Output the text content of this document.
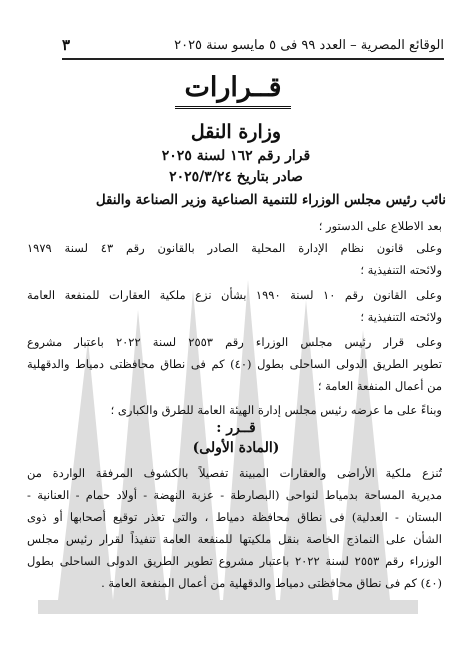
الوقائع المصرية – العدد ٩٩ فى ٥ مايسو سنة ٢٠٢٥
٣
قــرارات
وزارة النقل
قرار رقم ١٦٢ لسنة ٢٠٢٥
صادر بتاريخ ٢٠٢٥/٣/٢٤
نائب رئيس مجلس الوزراء للتنمية الصناعية وزير الصناعة والنقل
بعد الاطلاع على الدستور ؛
وعلى قانون نظام الإدارة المحلية الصادر بالقانون رقم ٤٣ لسنة ١٩٧٩
ولائحته التنفيذية ؛
وعلى القانون رقم ١٠ لسنة ١٩٩٠ بشأن نزع ملكية العقارات للمنفعة العامة
ولائحته التنفيذية ؛
وعلى قرار رئيس مجلس الوزراء رقم ٢٥٥٣ لسنة ٢٠٢٢ باعتبار مشروع
تطوير الطريق الدولى الساحلى بطول (٤٠) كم فى نطاق محافظتى دمياط والدقهلية
من أعمال المنفعة العامة ؛
وبناءً على ما عرضه رئيس مجلس إدارة الهيئة العامة للطرق والكبارى ؛
قــرر :
(المادة الأولى)
تُنزع ملكية الأراضى والعقارات المبينة تفصيلاً بالكشوف المرفقة الواردة من
مديرية المساحة بدمياط لنواحى (البصارطة - عزبة النهضة - أولاد حمام - العنانية -
البستان - العدلية) فى نطاق محافظة دمياط ، والتى تعذر توقيع أصحابها أو ذوى
الشأن على النماذج الخاصة بنقل ملكيتها للمنفعة العامة تنفيذاً لقرار رئيس مجلس
الوزراء رقم ٢٥٥٣ لسنة ٢٠٢٢ باعتبار مشروع تطوير الطريق الدولى الساحلى بطول
(٤٠) كم فى نطاق محافظتى دمياط والدقهلية من أعمال المنفعة العامة .
